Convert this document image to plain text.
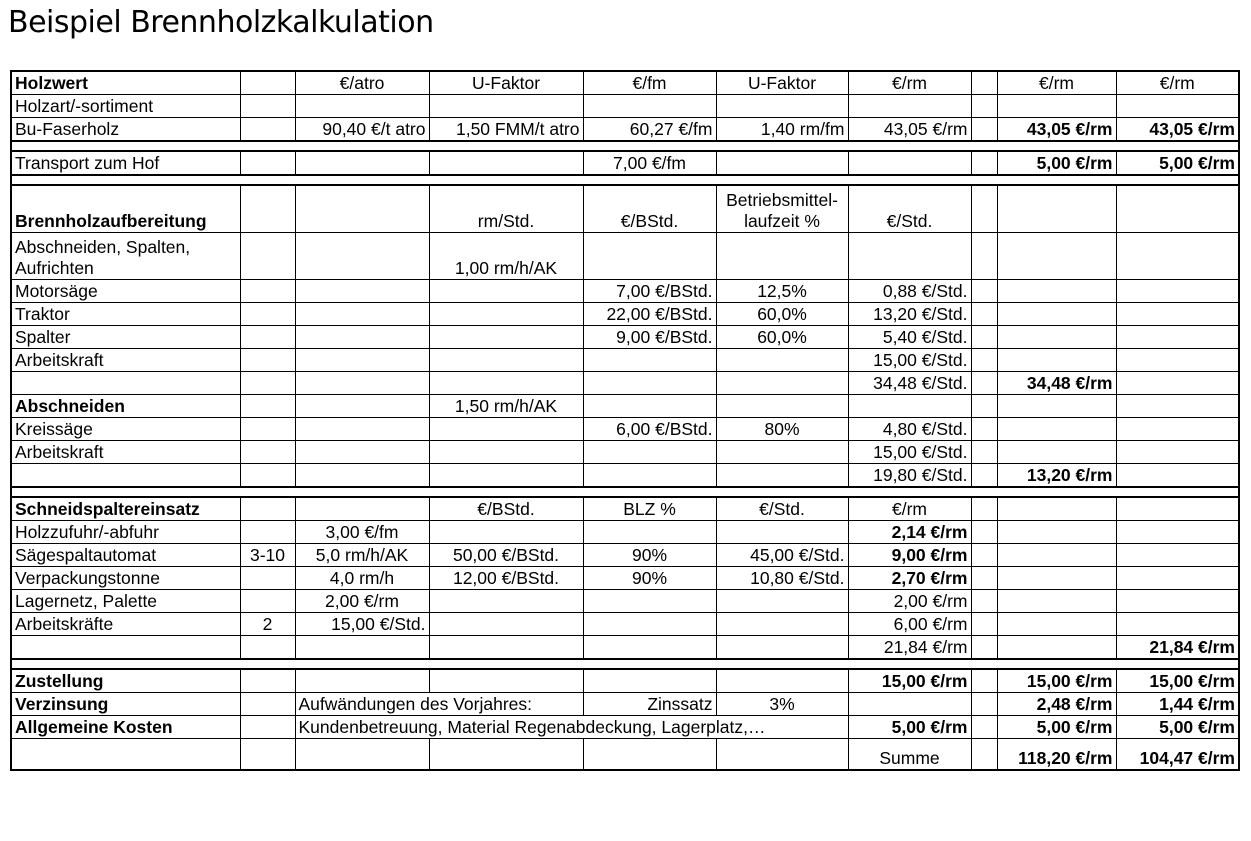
Beispiel Brennholzkalkulation
Holzwert		€/atro	U-Faktor	€/fm	U-Faktor	€/rm		€/rm	€/rm
Holzart/-sortiment									
Bu-Faserholz		90,40 €/t atro	1,50 FMM/t atro	60,27 €/fm	1,40 rm/fm	43,05 €/rm		43,05 €/rm	43,05 €/rm

Transport zum Hof				7,00 €/fm				5,00 €/rm	5,00 €/rm

Brennholzaufbereitung			rm/Std.	€/BStd.	Betriebsmittel-laufzeit %	€/Std.			
Abschneiden, Spalten, Aufrichten			1,00 rm/h/AK						
Motorsäge				7,00 €/BStd.	12,5%	0,88 €/Std.			
Traktor				22,00 €/BStd.	60,0%	13,20 €/Std.			
Spalter				9,00 €/BStd.	60,0%	5,40 €/Std.			
Arbeitskraft						15,00 €/Std.			
						34,48 €/Std.		34,48 €/rm	
Abschneiden			1,50 rm/h/AK						
Kreissäge				6,00 €/BStd.	80%	4,80 €/Std.			
Arbeitskraft						15,00 €/Std.			
						19,80 €/Std.		13,20 €/rm	

Schneidspaltereinsatz			€/BStd.	BLZ %	€/Std.	€/rm			
Holzzufuhr/-abfuhr		3,00 €/fm				2,14 €/rm			
Sägespaltautomat	3-10	5,0 rm/h/AK	50,00 €/BStd.	90%	45,00 €/Std.	9,00 €/rm			
Verpackungstonne		4,0 rm/h	12,00 €/BStd.	90%	10,80 €/Std.	2,70 €/rm			
Lagernetz, Palette		2,00 €/rm				2,00 €/rm			
Arbeitskräfte	2	15,00 €/Std.				6,00 €/rm			
						21,84 €/rm			21,84 €/rm

Zustellung						15,00 €/rm		15,00 €/rm	15,00 €/rm
Verzinsung		Aufwändungen des Vorjahres:		Zinssatz	3%			2,48 €/rm	1,44 €/rm
Allgemeine Kosten		Kundenbetreuung, Material Regenabdeckung, Lagerplatz,…				5,00 €/rm		5,00 €/rm	5,00 €/rm
						Summe		118,20 €/rm	104,47 €/rm
